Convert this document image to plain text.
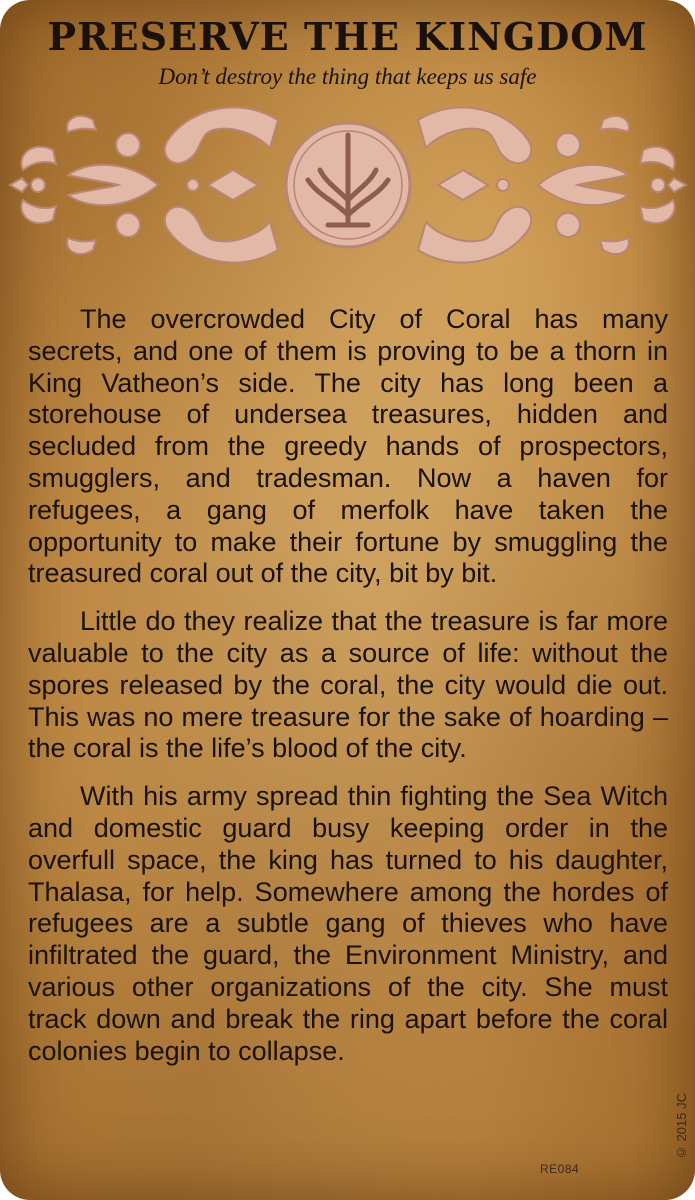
PRESERVE THE KINGDOM
Don’t destroy the thing that keeps us safe

The overcrowded City of Coral has many secrets, and one of them is proving to be a thorn in King Vatheon’s side. The city has long been a storehouse of undersea treasures, hidden and secluded from the greedy hands of prospectors, smugglers, and tradesman. Now a haven for refugees, a gang of merfolk have taken the opportunity to make their fortune by smuggling the treasured coral out of the city, bit by bit.

Little do they realize that the treasure is far more valuable to the city as a source of life: without the spores released by the coral, the city would die out. This was no mere treasure for the sake of hoarding – the coral is the life’s blood of the city.

With his army spread thin fighting the Sea Witch and domestic guard busy keeping order in the overfull space, the king has turned to his daughter, Thalasa, for help. Somewhere among the hordes of refugees are a subtle gang of thieves who have infiltrated the guard, the Environment Ministry, and various other organizations of the city. She must track down and break the ring apart before the coral colonies begin to collapse.

RE084
© 2015 JC
